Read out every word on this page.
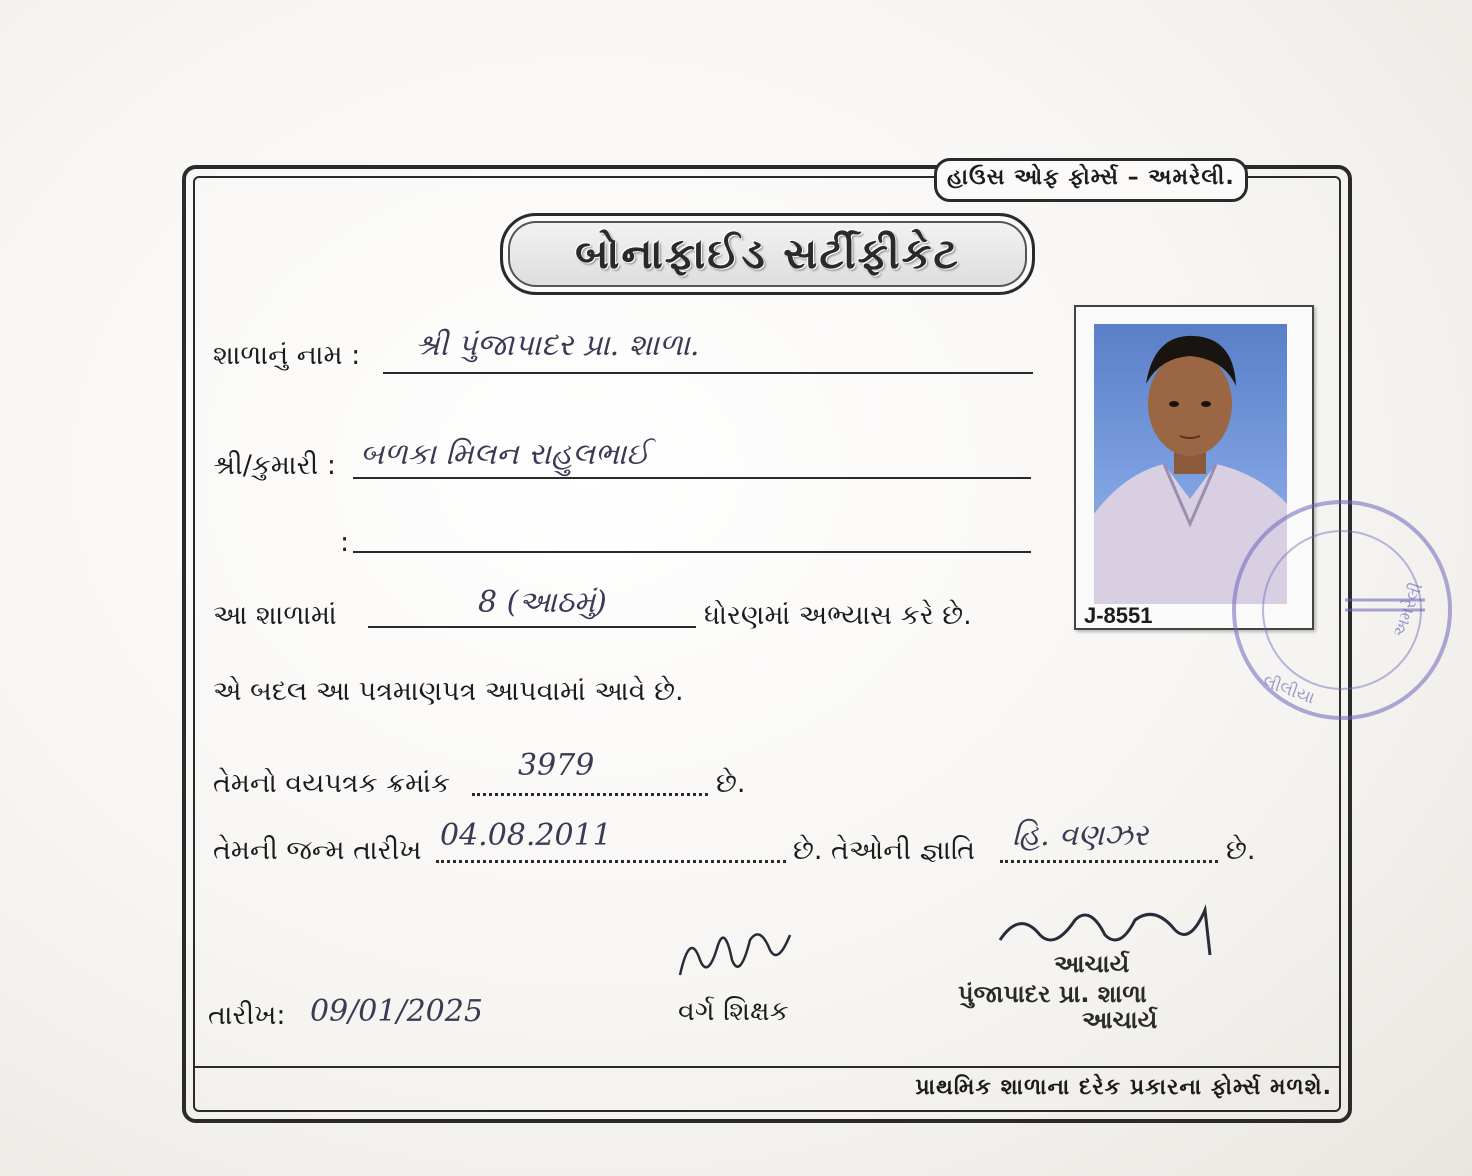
હાઉસ ઓફ ફોર્મ્સ – અમરેલી.
બોનાફાઈડ સર્ટીફીકેટ
શાળાનું નામ : શ્રી પુંજાપાદર પ્રા. શાળા.
શ્રી/કુમારી : બળકા મિલન રાહુલભાઈ
:
આ શાળામાં	8 (આઠમું)	ધોરણમાં અભ્યાસ કરે છે.
એ બદલ આ પત્રમાણપત્ર આપવામાં આવે છે.
તેમનો વયપત્રક ક્રમાંક
3979
છે.
તેમની જન્મ તારીખ 04.08.2011	છે. તેઓની જ્ઞાતિ હિ. વણઝર	છે.
J-8551
લીલીયા
અમરેલી
વર્ગ શિક્ષક
આચાર્ય
પુંજાપાદર પ્રા. શાળા
આચાર્ય
તારીખ: 09/01/2025
પ્રાથમિક શાળાના દરેક પ્રકારના ફોર્મ્સ મળશે.
